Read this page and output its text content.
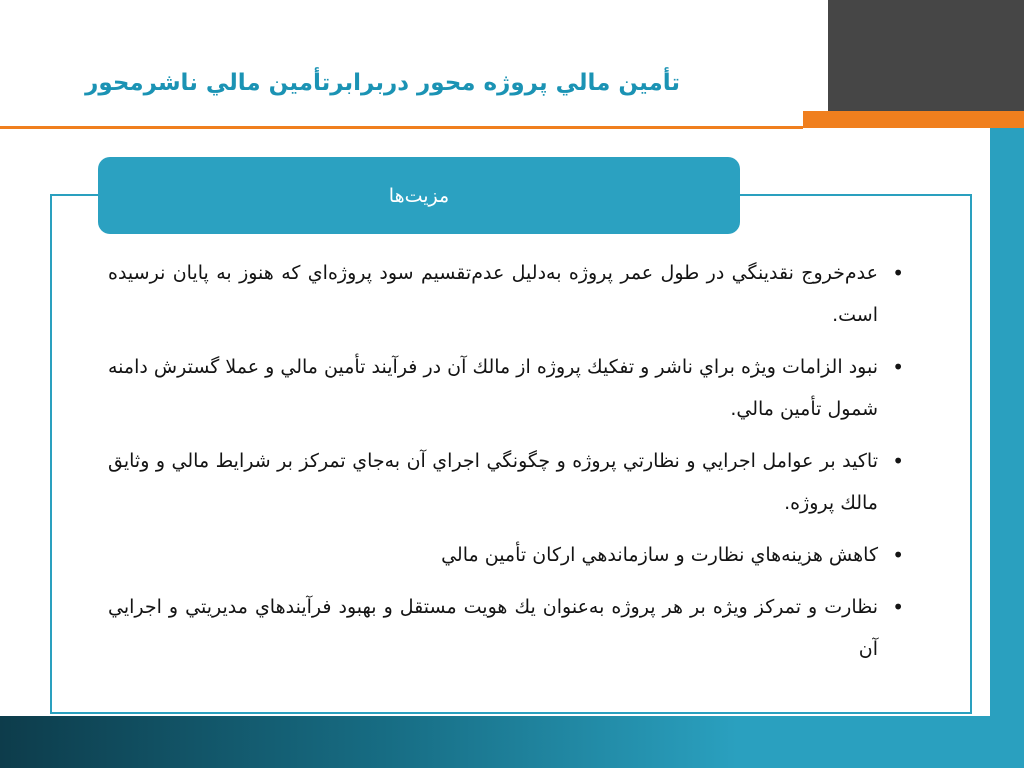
تأمين مالي پروژه محور دربرابرتأمين مالي ناشرمحور
مزيت‌ها
•
عدم‌خروج نقدينگي در طول عمر پروژه به‌دليل عدم‌تقسيم سود پروژه‌اي كه هنوز به پايان نرسيده است.
•
نبود الزامات ويژه براي ناشر و تفكيك پروژه از مالك آن در فرآيند تأمين مالي و عملا گسترش دامنه شمول تأمين مالي.
•
تاكيد بر عوامل اجرايي و نظارتي پروژه و چگونگي اجراي آن به‌جاي تمركز بر شرايط مالي و وثايق مالك پروژه.
•
كاهش هزينه‌هاي نظارت و سازماندهي اركان تأمين مالي
•
نظارت و تمركز ويژه بر هر پروژه به‌عنوان يك هويت مستقل و بهبود فرآيندهاي مديريتي و اجرايي آن
